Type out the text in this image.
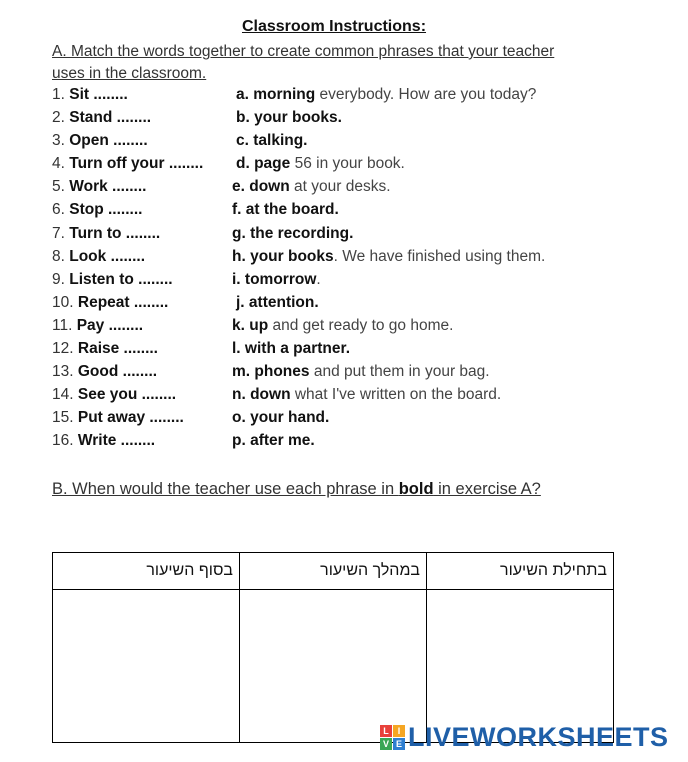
Classroom Instructions:
A. Match the words together to create common phrases that your teacher uses in the classroom.
1. Sit ........	a. morning everybody. How are you today?
2. Stand ........	b. your books.
3. Open ........	c. talking.
4. Turn off your ........ d. page 56 in your book.
5. Work ........	e. down at your desks.
6. Stop ........	f. at the board.
7. Turn to ........	g. the recording.
8. Look ........	h. your books. We have finished using them.
9. Listen to ........	i. tomorrow.
10. Repeat ........	j. attention.
11. Pay ........	k. up and get ready to go home.
12. Raise ........	l. with a partner.
13. Good ........	m. phones and put them in your bag.
14. See you ........	n. down what I've written on the board.
15. Put away ........	o. your hand.
16. Write ........	p. after me.
B. When would the teacher use each phrase in bold in exercise A?
בסוף השיעור	במהלך השיעור	בתחילת השיעור

L I
V E LIVEWORKSHEETS
